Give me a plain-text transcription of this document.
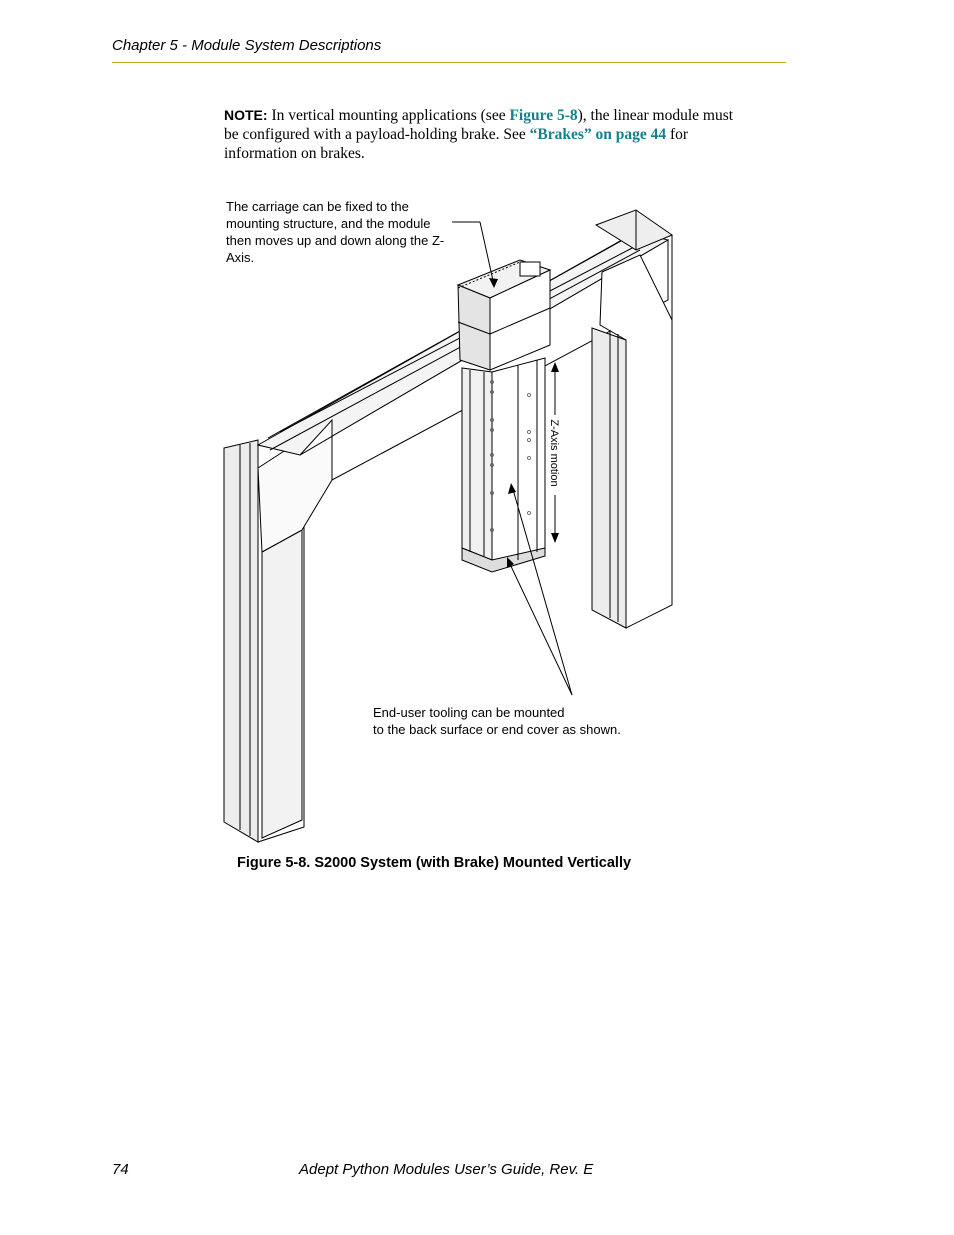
Chapter 5 - Module System Descriptions

NOTE: In vertical mounting applications (see Figure 5-8), the linear module must be configured with a payload-holding brake. See “Brakes” on page 44 for information on brakes.

The carriage can be fixed to the mounting structure, and the module then moves up and down along the Z-Axis.
Z-Axis motion
End-user tooling can be mounted
to the back surface or end cover as shown.
Figure 5-8. S2000 System (with Brake) Mounted Vertically
74	Adept Python Modules User’s Guide, Rev. E
